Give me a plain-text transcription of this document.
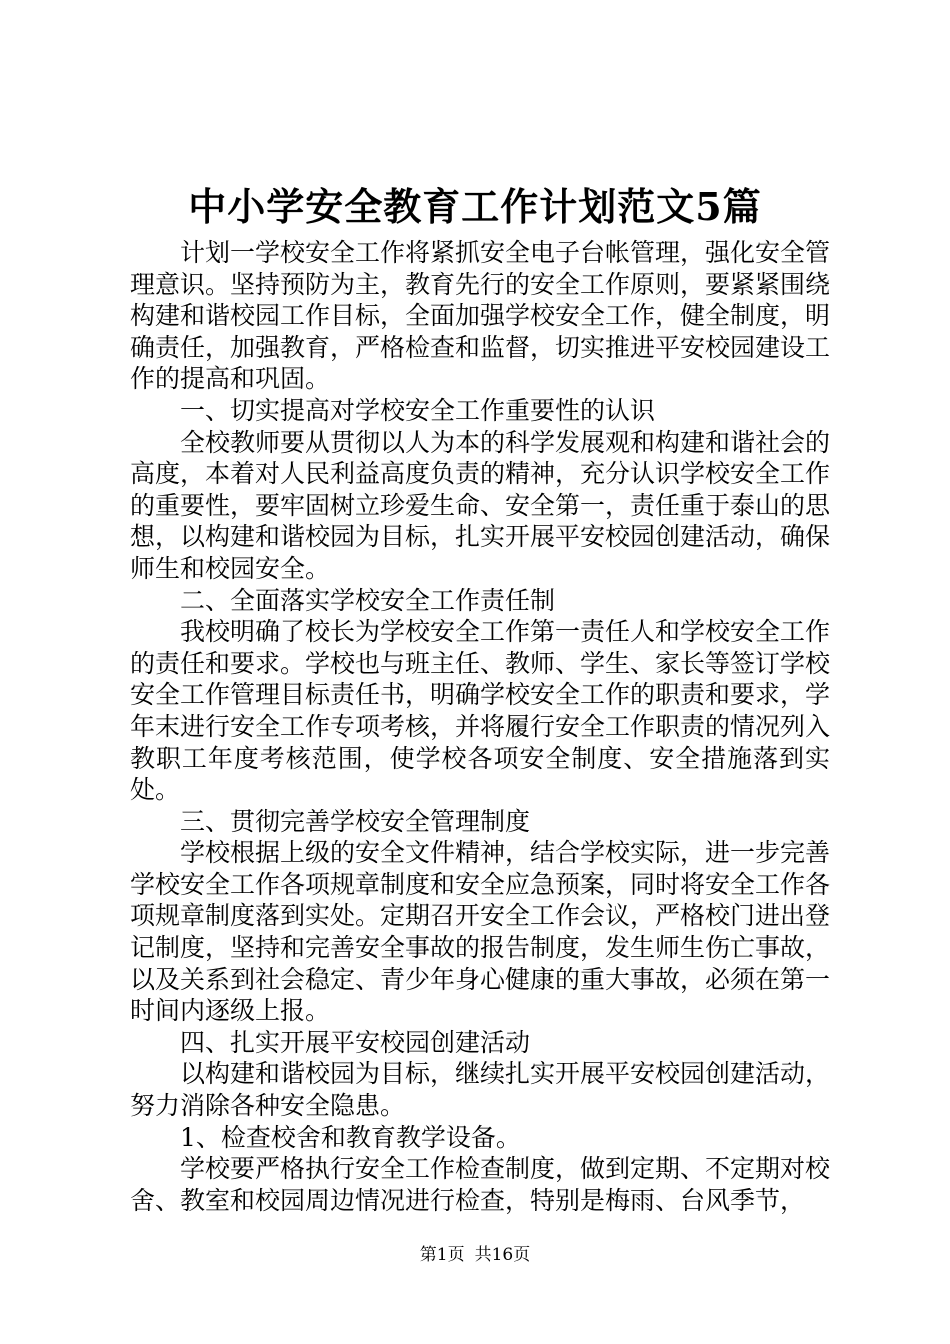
中小学安全教育工作计划范文5篇

计划一学校安全工作将紧抓安全电子台帐管理，强化安全管理意识。坚持预防为主，教育先行的安全工作原则，要紧紧围绕构建和谐校园工作目标，全面加强学校安全工作，健全制度，明确责任，加强教育，严格检查和监督，切实推进平安校园建设工作的提高和巩固。

一、切实提高对学校安全工作重要性的认识

全校教师要从贯彻以人为本的科学发展观和构建和谐社会的高度，本着对人民利益高度负责的精神，充分认识学校安全工作的重要性，要牢固树立珍爱生命、安全第一，责任重于泰山的思想，以构建和谐校园为目标，扎实开展平安校园创建活动，确保师生和校园安全。

二、全面落实学校安全工作责任制

我校明确了校长为学校安全工作第一责任人和学校安全工作的责任和要求。学校也与班主任、教师、学生、家长等签订学校安全工作管理目标责任书，明确学校安全工作的职责和要求，学年末进行安全工作专项考核，并将履行安全工作职责的情况列入教职工年度考核范围，使学校各项安全制度、安全措施落到实处。

三、贯彻完善学校安全管理制度

学校根据上级的安全文件精神，结合学校实际，进一步完善学校安全工作各项规章制度和安全应急预案，同时将安全工作各项规章制度落到实处。定期召开安全工作会议，严格校门进出登记制度，坚持和完善安全事故的报告制度，发生师生伤亡事故，以及关系到社会稳定、青少年身心健康的重大事故，必须在第一时间内逐级上报。

四、扎实开展平安校园创建活动

以构建和谐校园为目标，继续扎实开展平安校园创建活动，努力消除各种安全隐患。

1、检查校舍和教育教学设备。

学校要严格执行安全工作检查制度，做到定期、不定期对校舍、教室和校园周边情况进行检查，特别是梅雨、台风季节，

第1页 共16页
